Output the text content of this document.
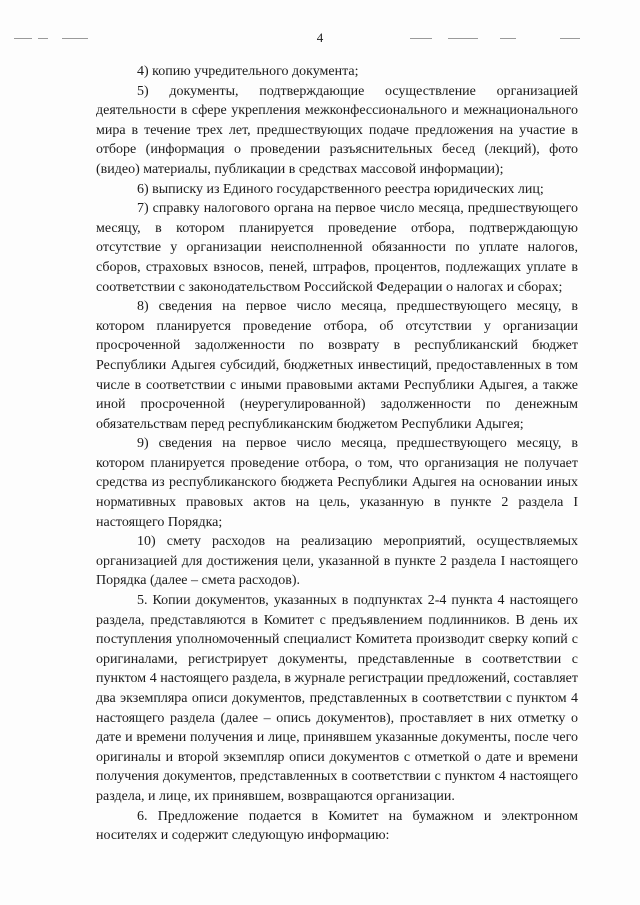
4

4) копию учредительного документа;

5) документы, подтверждающие осуществление организацией деятельности в сфере укрепления межконфессионального и межнационального мира в течение трех лет, предшествующих подаче предложения на участие в отборе (информация о проведении разъяснительных бесед (лекций), фото (видео) материалы, публикации в средствах массовой информации);

6) выписку из Единого государственного реестра юридических лиц;

7) справку налогового органа на первое число месяца, предшествующего месяцу, в котором планируется проведение отбора, подтверждающую отсутствие у организации неисполненной обязанности по уплате налогов, сборов, страховых взносов, пеней, штрафов, процентов, подлежащих уплате в соответствии с законодательством Российской Федерации о налогах и сборах;

8) сведения на первое число месяца, предшествующего месяцу, в котором планируется проведение отбора, об отсутствии у организации просроченной задолженности по возврату в республиканский бюджет Республики Адыгея субсидий, бюджетных инвестиций, предоставленных в том числе в соответствии с иными правовыми актами Республики Адыгея, а также иной просроченной (неурегулированной) задолженности по денежным обязательствам перед республиканским бюджетом Республики Адыгея;

9) сведения на первое число месяца, предшествующего месяцу, в котором планируется проведение отбора, о том, что организация не получает средства из республиканского бюджета Республики Адыгея на основании иных нормативных правовых актов на цель, указанную в пункте 2 раздела I настоящего Порядка;

10) смету расходов на реализацию мероприятий, осуществляемых организацией для достижения цели, указанной в пункте 2 раздела I настоящего Порядка (далее – смета расходов).

5. Копии документов, указанных в подпунктах 2-4 пункта 4 настоящего раздела, представляются в Комитет с предъявлением подлинников. В день их поступления уполномоченный специалист Комитета производит сверку копий с оригиналами, регистрирует документы, представленные в соответствии с пунктом 4 настоящего раздела, в журнале регистрации предложений, составляет два экземпляра описи документов, представленных в соответствии с пунктом 4 настоящего раздела (далее – опись документов), проставляет в них отметку о дате и времени получения и лице, принявшем указанные документы, после чего оригиналы и второй экземпляр описи документов с отметкой о дате и времени получения документов, представленных в соответствии с пунктом 4 настоящего раздела, и лице, их принявшем, возвращаются организации.

6. Предложение подается в Комитет на бумажном и электронном носителях и содержит следующую информацию:
